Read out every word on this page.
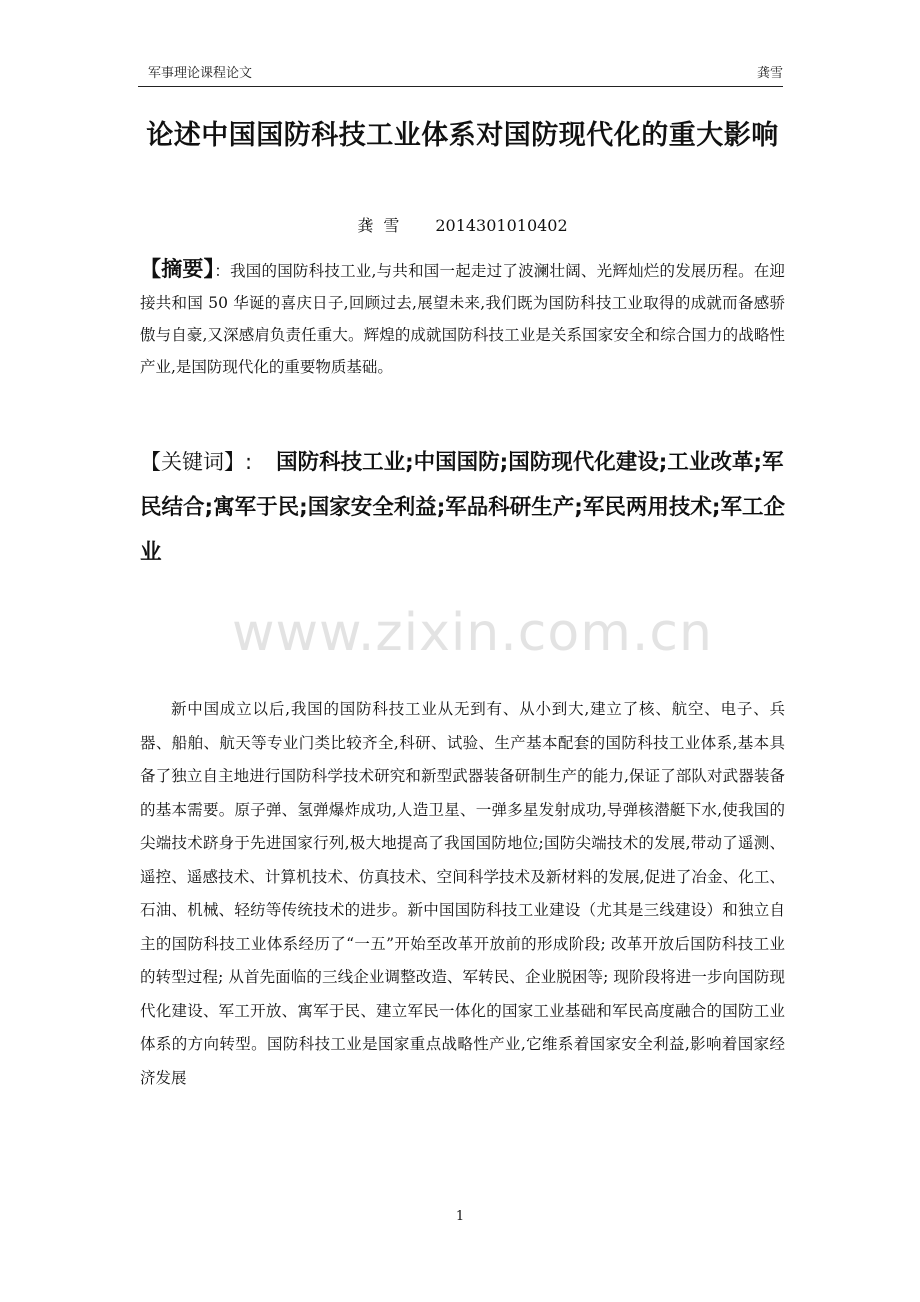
军事理论课程论文	龚雪
论述中国国防科技工业体系对国防现代化的重大影响
龚雪 2014301010402
【摘要】：我国的国防科技工业,与共和国一起走过了波澜壮阔、光辉灿烂的发展历程。在迎接共和国 50 华诞的喜庆日子,回顾过去,展望未来,我们既为国防科技工业取得的成就而备感骄傲与自豪,又深感肩负责任重大。辉煌的成就国防科技工业是关系国家安全和综合国力的战略性产业,是国防现代化的重要物质基础。
【关键词】: 国防科技工业;中国国防;国防现代化建设;工业改革;军民结合;寓军于民;国家安全利益;军品科研生产;军民两用技术;军工企业
www.zixin.com.cn
新中国成立以后,我国的国防科技工业从无到有、从小到大,建立了核、航空、电子、兵器、船舶、航天等专业门类比较齐全,科研、试验、生产基本配套的国防科技工业体系,基本具备了独立自主地进行国防科学技术研究和新型武器装备研制生产的能力,保证了部队对武器装备的基本需要。原子弹、氢弹爆炸成功,人造卫星、一弹多星发射成功,导弹核潜艇下水,使我国的尖端技术跻身于先进国家行列,极大地提高了我国国防地位;国防尖端技术的发展,带动了遥测、遥控、遥感技术、计算机技术、仿真技术、空间科学技术及新材料的发展,促进了冶金、化工、石油、机械、轻纺等传统技术的进步。新中国国防科技工业建设（尤其是三线建设）和独立自主的国防科技工业体系经历了“一五”开始至改革开放前的形成阶段; 改革开放后国防科技工业的转型过程; 从首先面临的三线企业调整改造、军转民、企业脱困等; 现阶段将进一步向国防现代化建设、军工开放、寓军于民、建立军民一体化的国家工业基础和军民高度融合的国防工业体系的方向转型。国防科技工业是国家重点战略性产业,它维系着国家安全利益,影响着国家经济发展
1
